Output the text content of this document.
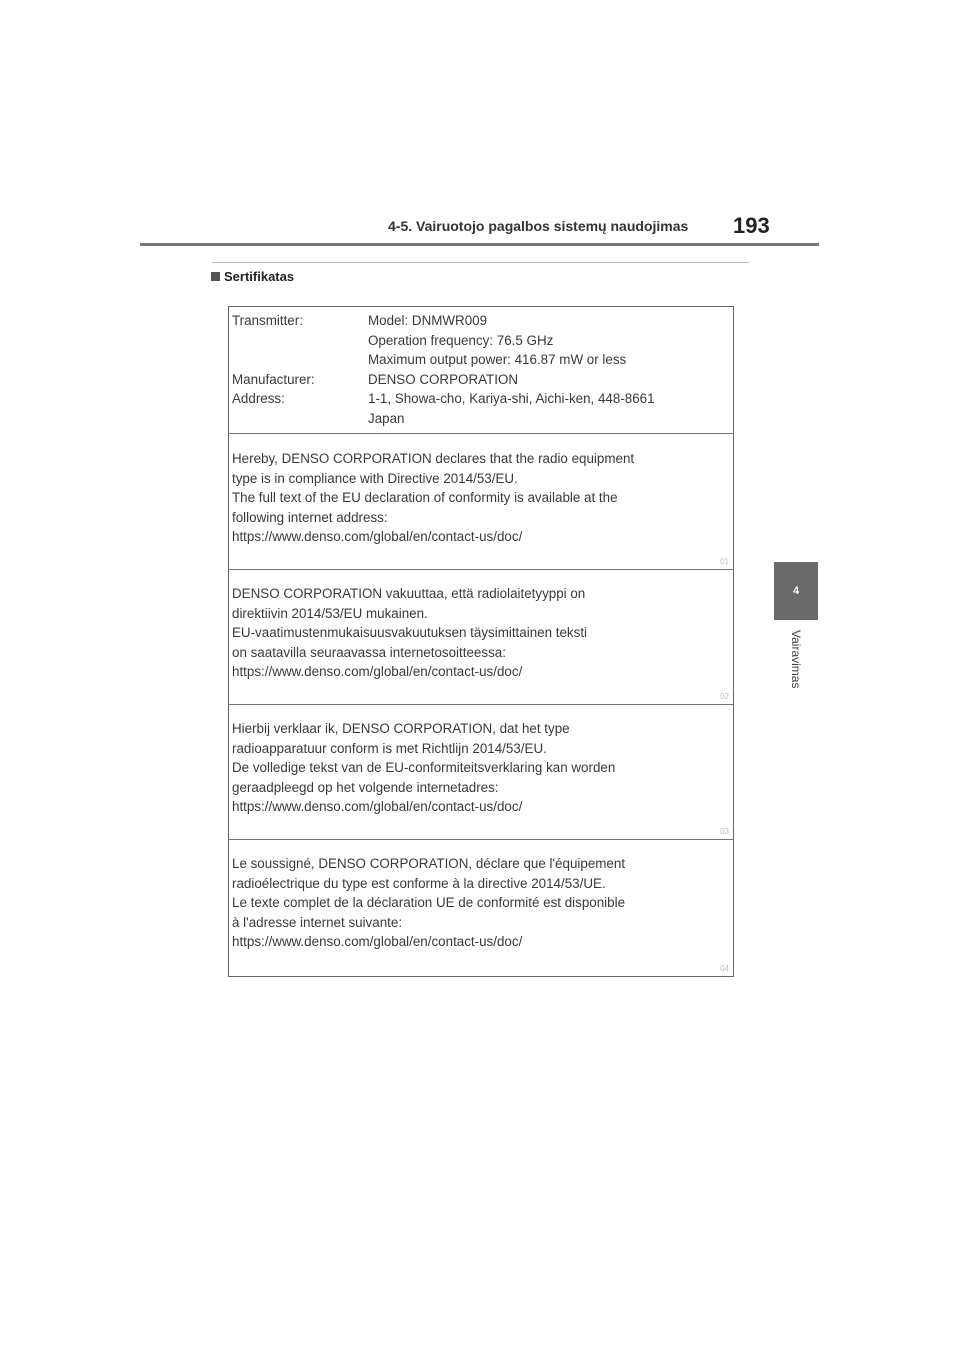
4-5. Vairuotojo pagalbos sistemų naudojimas 193
Sertifikatas
4
Vairavimas
Transmitter:	Model: DNMWR009
Operation frequency: 76.5 GHz
Maximum output power: 416.87 mW or less
Manufacturer:	DENSO CORPORATION
Address:	1-1, Showa-cho, Kariya-shi, Aichi-ken, 448-8661
Japan
Hereby, DENSO CORPORATION declares that the radio equipment
type is in compliance with Directive 2014/53/EU.
The full text of the EU declaration of conformity is available at the
following internet address:
https://www.denso.com/global/en/contact-us/doc/
01
DENSO CORPORATION vakuuttaa, että radiolaitetyyppi on
direktiivin 2014/53/EU mukainen.
EU-vaatimustenmukaisuusvakuutuksen täysimittainen teksti
on saatavilla seuraavassa internetosoitteessa:
https://www.denso.com/global/en/contact-us/doc/
02
Hierbij verklaar ik, DENSO CORPORATION, dat het type
radioapparatuur conform is met Richtlijn 2014/53/EU.
De volledige tekst van de EU-conformiteitsverklaring kan worden
geraadpleegd op het volgende internetadres:
https://www.denso.com/global/en/contact-us/doc/
03
Le soussigné, DENSO CORPORATION, déclare que l'équipement
radioélectrique du type est conforme à la directive 2014/53/UE.
Le texte complet de la déclaration UE de conformité est disponible
à l'adresse internet suivante:
https://www.denso.com/global/en/contact-us/doc/
04
